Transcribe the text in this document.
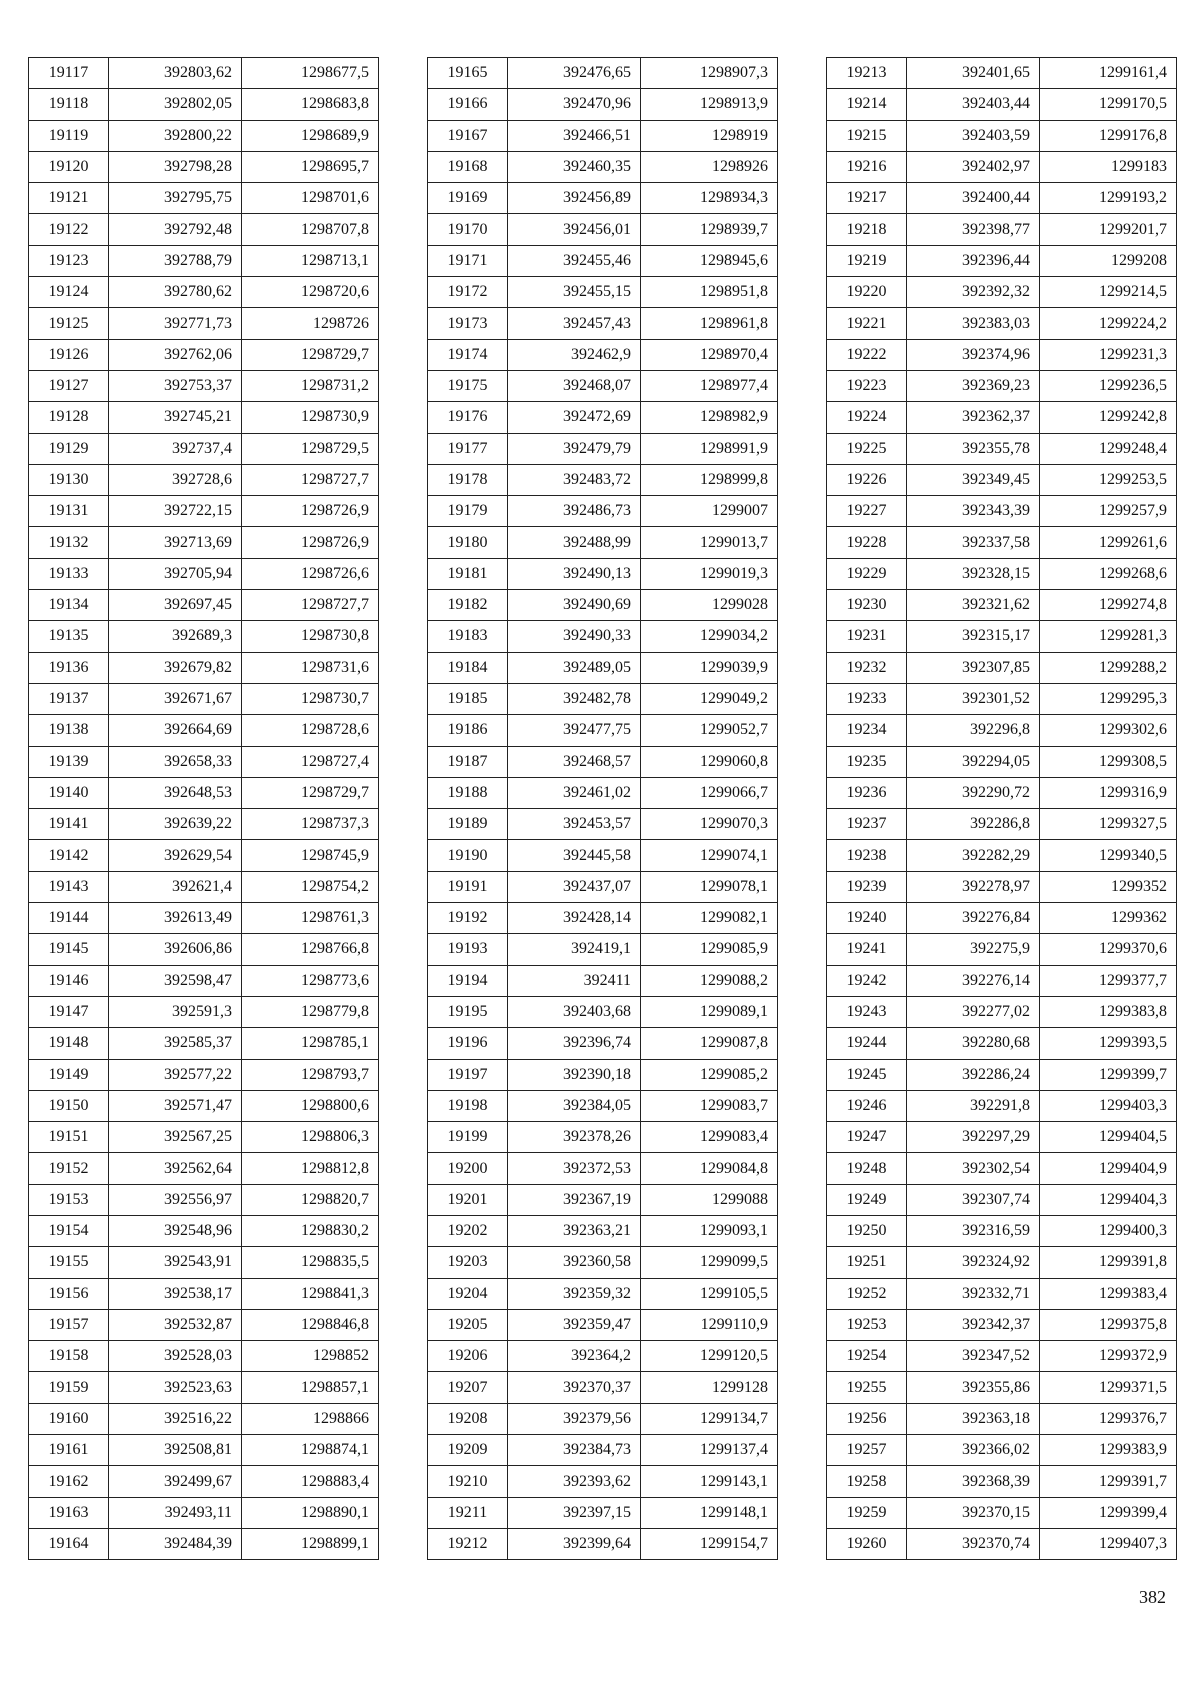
19117	392803,62	1298677,5
19118	392802,05	1298683,8
19119	392800,22	1298689,9
19120	392798,28	1298695,7
19121	392795,75	1298701,6
19122	392792,48	1298707,8
19123	392788,79	1298713,1
19124	392780,62	1298720,6
19125	392771,73	1298726
19126	392762,06	1298729,7
19127	392753,37	1298731,2
19128	392745,21	1298730,9
19129	392737,4	1298729,5
19130	392728,6	1298727,7
19131	392722,15	1298726,9
19132	392713,69	1298726,9
19133	392705,94	1298726,6
19134	392697,45	1298727,7
19135	392689,3	1298730,8
19136	392679,82	1298731,6
19137	392671,67	1298730,7
19138	392664,69	1298728,6
19139	392658,33	1298727,4
19140	392648,53	1298729,7
19141	392639,22	1298737,3
19142	392629,54	1298745,9
19143	392621,4	1298754,2
19144	392613,49	1298761,3
19145	392606,86	1298766,8
19146	392598,47	1298773,6
19147	392591,3	1298779,8
19148	392585,37	1298785,1
19149	392577,22	1298793,7
19150	392571,47	1298800,6
19151	392567,25	1298806,3
19152	392562,64	1298812,8
19153	392556,97	1298820,7
19154	392548,96	1298830,2
19155	392543,91	1298835,5
19156	392538,17	1298841,3
19157	392532,87	1298846,8
19158	392528,03	1298852
19159	392523,63	1298857,1
19160	392516,22	1298866
19161	392508,81	1298874,1
19162	392499,67	1298883,4
19163	392493,11	1298890,1
19164	392484,39	1298899,1
19165	392476,65	1298907,3
19166	392470,96	1298913,9
19167	392466,51	1298919
19168	392460,35	1298926
19169	392456,89	1298934,3
19170	392456,01	1298939,7
19171	392455,46	1298945,6
19172	392455,15	1298951,8
19173	392457,43	1298961,8
19174	392462,9	1298970,4
19175	392468,07	1298977,4
19176	392472,69	1298982,9
19177	392479,79	1298991,9
19178	392483,72	1298999,8
19179	392486,73	1299007
19180	392488,99	1299013,7
19181	392490,13	1299019,3
19182	392490,69	1299028
19183	392490,33	1299034,2
19184	392489,05	1299039,9
19185	392482,78	1299049,2
19186	392477,75	1299052,7
19187	392468,57	1299060,8
19188	392461,02	1299066,7
19189	392453,57	1299070,3
19190	392445,58	1299074,1
19191	392437,07	1299078,1
19192	392428,14	1299082,1
19193	392419,1	1299085,9
19194	392411	1299088,2
19195	392403,68	1299089,1
19196	392396,74	1299087,8
19197	392390,18	1299085,2
19198	392384,05	1299083,7
19199	392378,26	1299083,4
19200	392372,53	1299084,8
19201	392367,19	1299088
19202	392363,21	1299093,1
19203	392360,58	1299099,5
19204	392359,32	1299105,5
19205	392359,47	1299110,9
19206	392364,2	1299120,5
19207	392370,37	1299128
19208	392379,56	1299134,7
19209	392384,73	1299137,4
19210	392393,62	1299143,1
19211	392397,15	1299148,1
19212	392399,64	1299154,7
19213	392401,65	1299161,4
19214	392403,44	1299170,5
19215	392403,59	1299176,8
19216	392402,97	1299183
19217	392400,44	1299193,2
19218	392398,77	1299201,7
19219	392396,44	1299208
19220	392392,32	1299214,5
19221	392383,03	1299224,2
19222	392374,96	1299231,3
19223	392369,23	1299236,5
19224	392362,37	1299242,8
19225	392355,78	1299248,4
19226	392349,45	1299253,5
19227	392343,39	1299257,9
19228	392337,58	1299261,6
19229	392328,15	1299268,6
19230	392321,62	1299274,8
19231	392315,17	1299281,3
19232	392307,85	1299288,2
19233	392301,52	1299295,3
19234	392296,8	1299302,6
19235	392294,05	1299308,5
19236	392290,72	1299316,9
19237	392286,8	1299327,5
19238	392282,29	1299340,5
19239	392278,97	1299352
19240	392276,84	1299362
19241	392275,9	1299370,6
19242	392276,14	1299377,7
19243	392277,02	1299383,8
19244	392280,68	1299393,5
19245	392286,24	1299399,7
19246	392291,8	1299403,3
19247	392297,29	1299404,5
19248	392302,54	1299404,9
19249	392307,74	1299404,3
19250	392316,59	1299400,3
19251	392324,92	1299391,8
19252	392332,71	1299383,4
19253	392342,37	1299375,8
19254	392347,52	1299372,9
19255	392355,86	1299371,5
19256	392363,18	1299376,7
19257	392366,02	1299383,9
19258	392368,39	1299391,7
19259	392370,15	1299399,4
19260	392370,74	1299407,3
382
